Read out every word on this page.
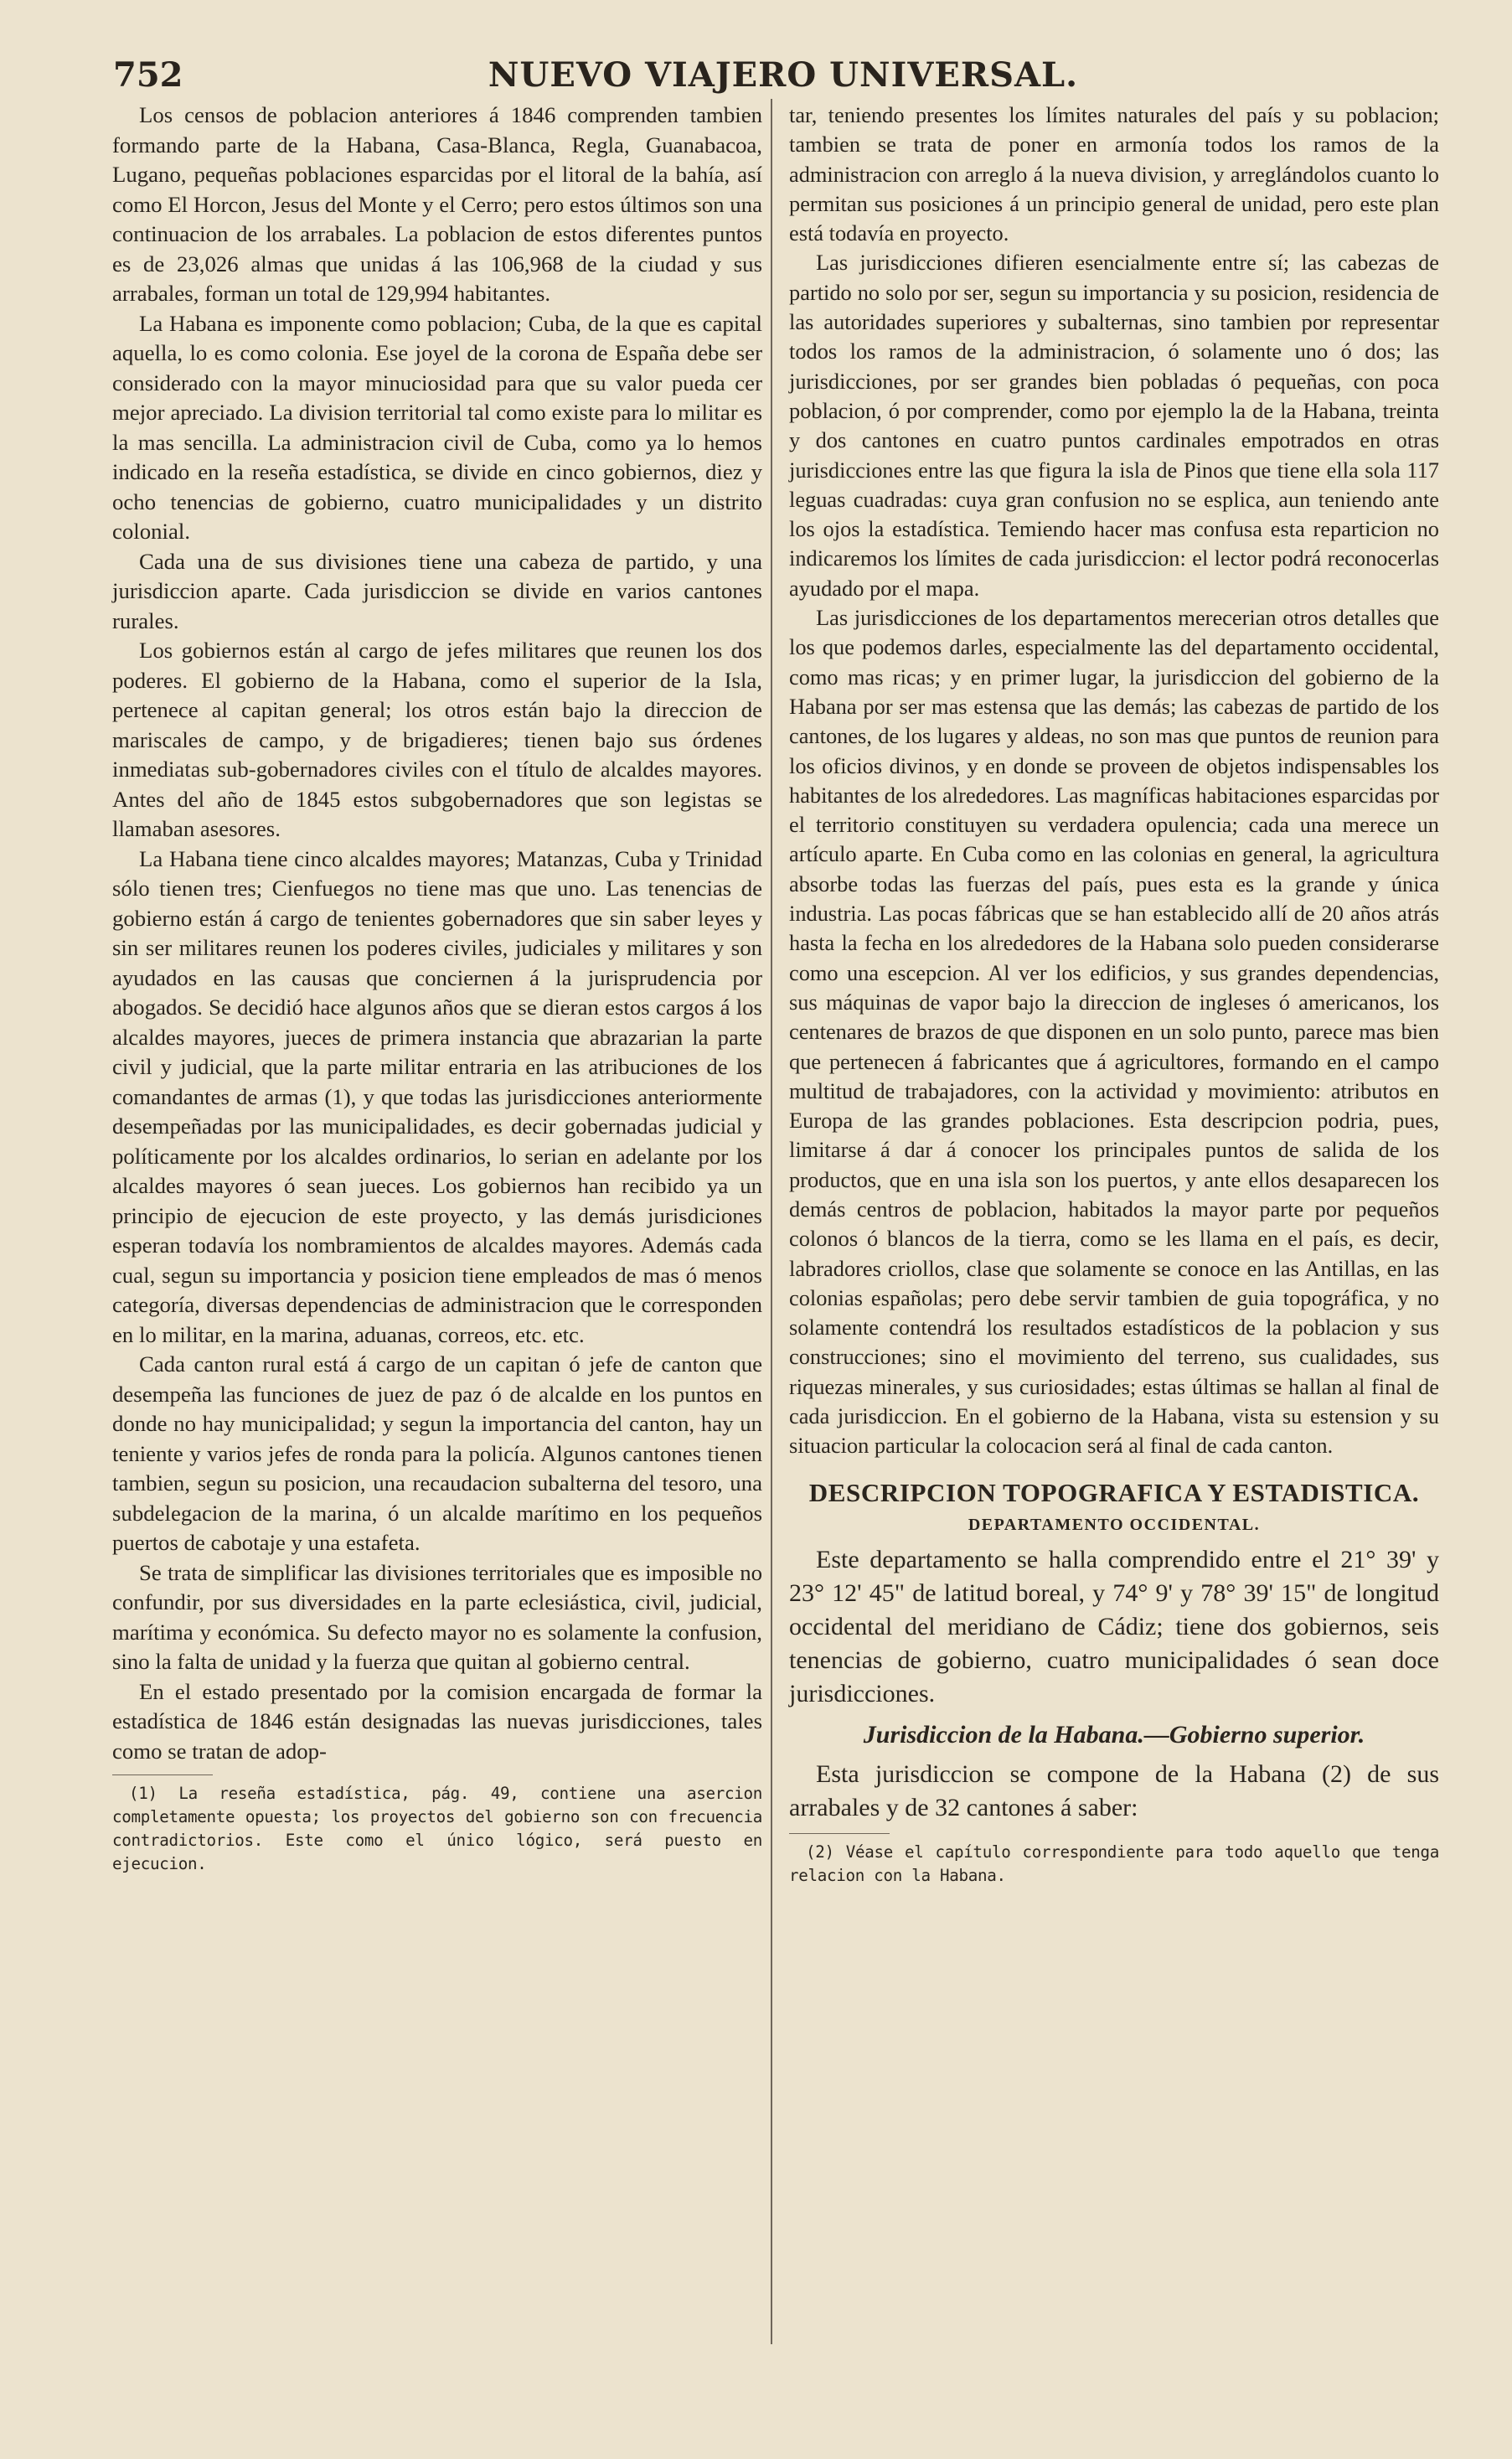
752	NUEVO VIAJERO UNIVERSAL.

Los censos de poblacion anteriores á 1846 comprenden tambien formando parte de la Habana, Casa-Blanca, Regla, Guanabacoa, Lugano, pequeñas poblaciones esparcidas por el litoral de la bahía, así como El Horcon, Jesus del Monte y el Cerro; pero estos últimos son una continuacion de los arrabales. La poblacion de estos diferentes puntos es de 23,026 almas que unidas á las 106,968 de la ciudad y sus arrabales, forman un total de 129,994 habitantes.

La Habana es imponente como poblacion; Cuba, de la que es capital aquella, lo es como colonia. Ese joyel de la corona de España debe ser considerado con la mayor minuciosidad para que su valor pueda cer mejor apreciado. La division territorial tal como existe para lo militar es la mas sencilla. La administracion civil de Cuba, como ya lo hemos indicado en la reseña estadística, se divide en cinco gobiernos, diez y ocho tenencias de gobierno, cuatro municipalidades y un distrito colonial.

Cada una de sus divisiones tiene una cabeza de partido, y una jurisdiccion aparte. Cada jurisdiccion se divide en varios cantones rurales.

Los gobiernos están al cargo de jefes militares que reunen los dos poderes. El gobierno de la Habana, como el superior de la Isla, pertenece al capitan general; los otros están bajo la direccion de mariscales de campo, y de brigadieres; tienen bajo sus órdenes inmediatas sub-gobernadores civiles con el título de alcaldes mayores. Antes del año de 1845 estos subgobernadores que son legistas se llamaban asesores.

La Habana tiene cinco alcaldes mayores; Matanzas, Cuba y Trinidad sólo tienen tres; Cienfuegos no tiene mas que uno. Las tenencias de gobierno están á cargo de tenientes gobernadores que sin saber leyes y sin ser militares reunen los poderes civiles, judiciales y militares y son ayudados en las causas que conciernen á la jurisprudencia por abogados. Se decidió hace algunos años que se dieran estos cargos á los alcaldes mayores, jueces de primera instancia que abrazarian la parte civil y judicial, que la parte militar entraria en las atribuciones de los comandantes de armas (1), y que todas las jurisdicciones anteriormente desempeñadas por las municipalidades, es decir gobernadas judicial y políticamente por los alcaldes ordinarios, lo serian en adelante por los alcaldes mayores ó sean jueces. Los gobiernos han recibido ya un principio de ejecucion de este proyecto, y las demás jurisdiciones esperan todavía los nombramientos de alcaldes mayores. Además cada cual, segun su importancia y posicion tiene empleados de mas ó menos categoría, diversas dependencias de administracion que le corresponden en lo militar, en la marina, aduanas, correos, etc. etc.

Cada canton rural está á cargo de un capitan ó jefe de canton que desempeña las funciones de juez de paz ó de alcalde en los puntos en donde no hay municipalidad; y segun la importancia del canton, hay un teniente y varios jefes de ronda para la policía. Algunos cantones tienen tambien, segun su posicion, una recaudacion subalterna del tesoro, una subdelegacion de la marina, ó un alcalde marítimo en los pequeños puertos de cabotaje y una estafeta.

Se trata de simplificar las divisiones territoriales que es imposible no confundir, por sus diversidades en la parte eclesiástica, civil, judicial, marítima y económica. Su defecto mayor no es solamente la confusion, sino la falta de unidad y la fuerza que quitan al gobierno central.

En el estado presentado por la comision encargada de formar la estadística de 1846 están designadas las nuevas jurisdicciones, tales como se tratan de adop-

(1) La reseña estadística, pág. 49, contiene una asercion completamente opuesta; los proyectos del gobierno son con frecuencia contradictorios. Este como el único lógico, será puesto en ejecucion.

tar, teniendo presentes los límites naturales del país y su poblacion; tambien se trata de poner en armonía todos los ramos de la administracion con arreglo á la nueva division, y arreglándolos cuanto lo permitan sus posiciones á un principio general de unidad, pero este plan está todavía en proyecto.

Las jurisdicciones difieren esencialmente entre sí; las cabezas de partido no solo por ser, segun su importancia y su posicion, residencia de las autoridades superiores y subalternas, sino tambien por representar todos los ramos de la administracion, ó solamente uno ó dos; las jurisdicciones, por ser grandes bien pobladas ó pequeñas, con poca poblacion, ó por comprender, como por ejemplo la de la Habana, treinta y dos cantones en cuatro puntos cardinales empotrados en otras jurisdicciones entre las que figura la isla de Pinos que tiene ella sola 117 leguas cuadradas: cuya gran confusion no se esplica, aun teniendo ante los ojos la estadística. Temiendo hacer mas confusa esta reparticion no indicaremos los límites de cada jurisdiccion: el lector podrá reconocerlas ayudado por el mapa.

Las jurisdicciones de los departamentos merecerian otros detalles que los que podemos darles, especialmente las del departamento occidental, como mas ricas; y en primer lugar, la jurisdiccion del gobierno de la Habana por ser mas estensa que las demás; las cabezas de partido de los cantones, de los lugares y aldeas, no son mas que puntos de reunion para los oficios divinos, y en donde se proveen de objetos indispensables los habitantes de los alrededores. Las magníficas habitaciones esparcidas por el territorio constituyen su verdadera opulencia; cada una merece un artículo aparte. En Cuba como en las colonias en general, la agricultura absorbe todas las fuerzas del país, pues esta es la grande y única industria. Las pocas fábricas que se han establecido allí de 20 años atrás hasta la fecha en los alrededores de la Habana solo pueden considerarse como una escepcion. Al ver los edificios, y sus grandes dependencias, sus máquinas de vapor bajo la direccion de ingleses ó americanos, los centenares de brazos de que disponen en un solo punto, parece mas bien que pertenecen á fabricantes que á agricultores, formando en el campo multitud de trabajadores, con la actividad y movimiento: atributos en Europa de las grandes poblaciones. Esta descripcion podria, pues, limitarse á dar á conocer los principales puntos de salida de los productos, que en una isla son los puertos, y ante ellos desaparecen los demás centros de poblacion, habitados la mayor parte por pequeños colonos ó blancos de la tierra, como se les llama en el país, es decir, labradores criollos, clase que solamente se conoce en las Antillas, en las colonias españolas; pero debe servir tambien de guia topográfica, y no solamente contendrá los resultados estadísticos de la poblacion y sus construcciones; sino el movimiento del terreno, sus cualidades, sus riquezas minerales, y sus curiosidades; estas últimas se hallan al final de cada jurisdiccion. En el gobierno de la Habana, vista su estension y su situacion particular la colocacion será al final de cada canton.

DESCRIPCION TOPOGRAFICA Y ESTADISTICA.
DEPARTAMENTO OCCIDENTAL.

Este departamento se halla comprendido entre el 21° 39' y 23° 12' 45" de latitud boreal, y 74° 9' y 78° 39' 15" de longitud occidental del meridiano de Cádiz; tiene dos gobiernos, seis tenencias de gobierno, cuatro municipalidades ó sean doce jurisdicciones.

Jurisdiccion de la Habana.—Gobierno superior.

Esta jurisdiccion se compone de la Habana (2) de sus arrabales y de 32 cantones á saber:

(2) Véase el capítulo correspondiente para todo aquello que tenga relacion con la Habana.
